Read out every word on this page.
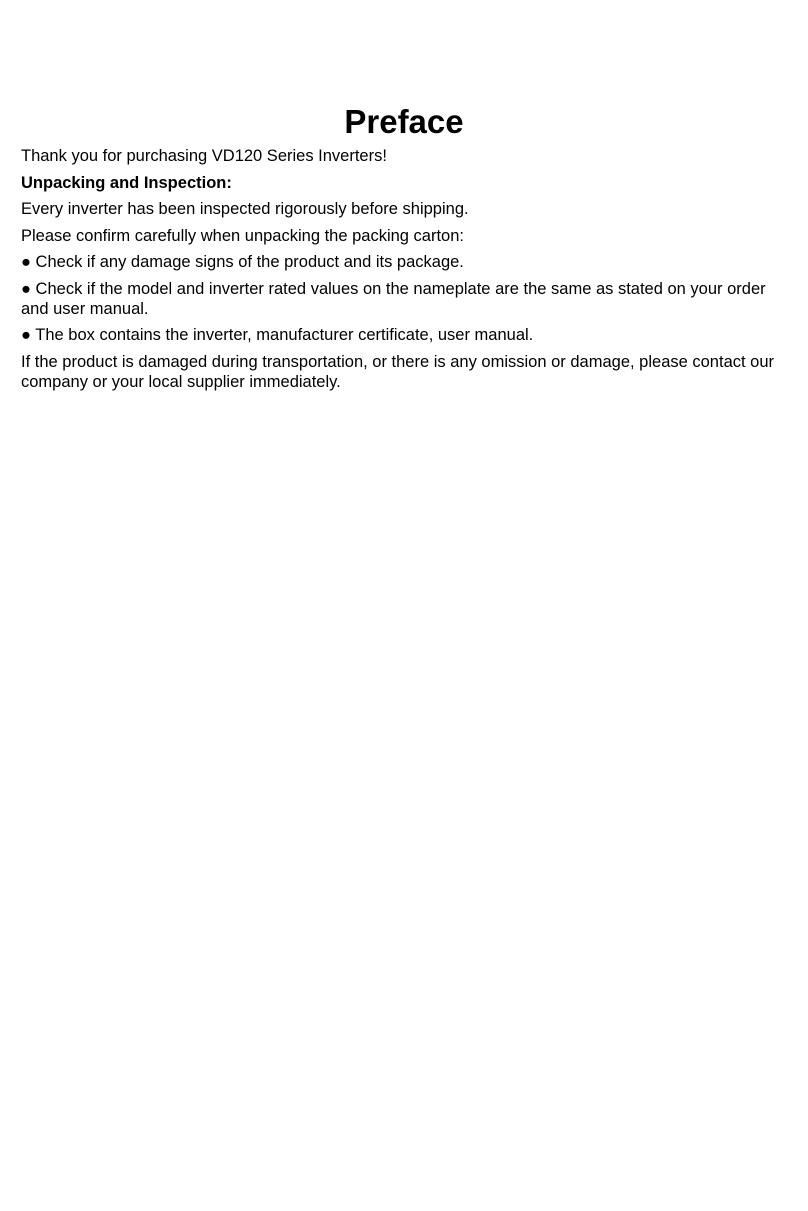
Preface

Thank you for purchasing VD120 Series Inverters!

Unpacking and Inspection:

Every inverter has been inspected rigorously before shipping.

Please confirm carefully when unpacking the packing carton:

● Check if any damage signs of the product and its package.

● Check if the model and inverter rated values on the nameplate are the same as stated on your order and user manual.

● The box contains the inverter, manufacturer certificate, user manual.

If the product is damaged during transportation, or there is any omission or damage, please contact our company or your local supplier immediately.
